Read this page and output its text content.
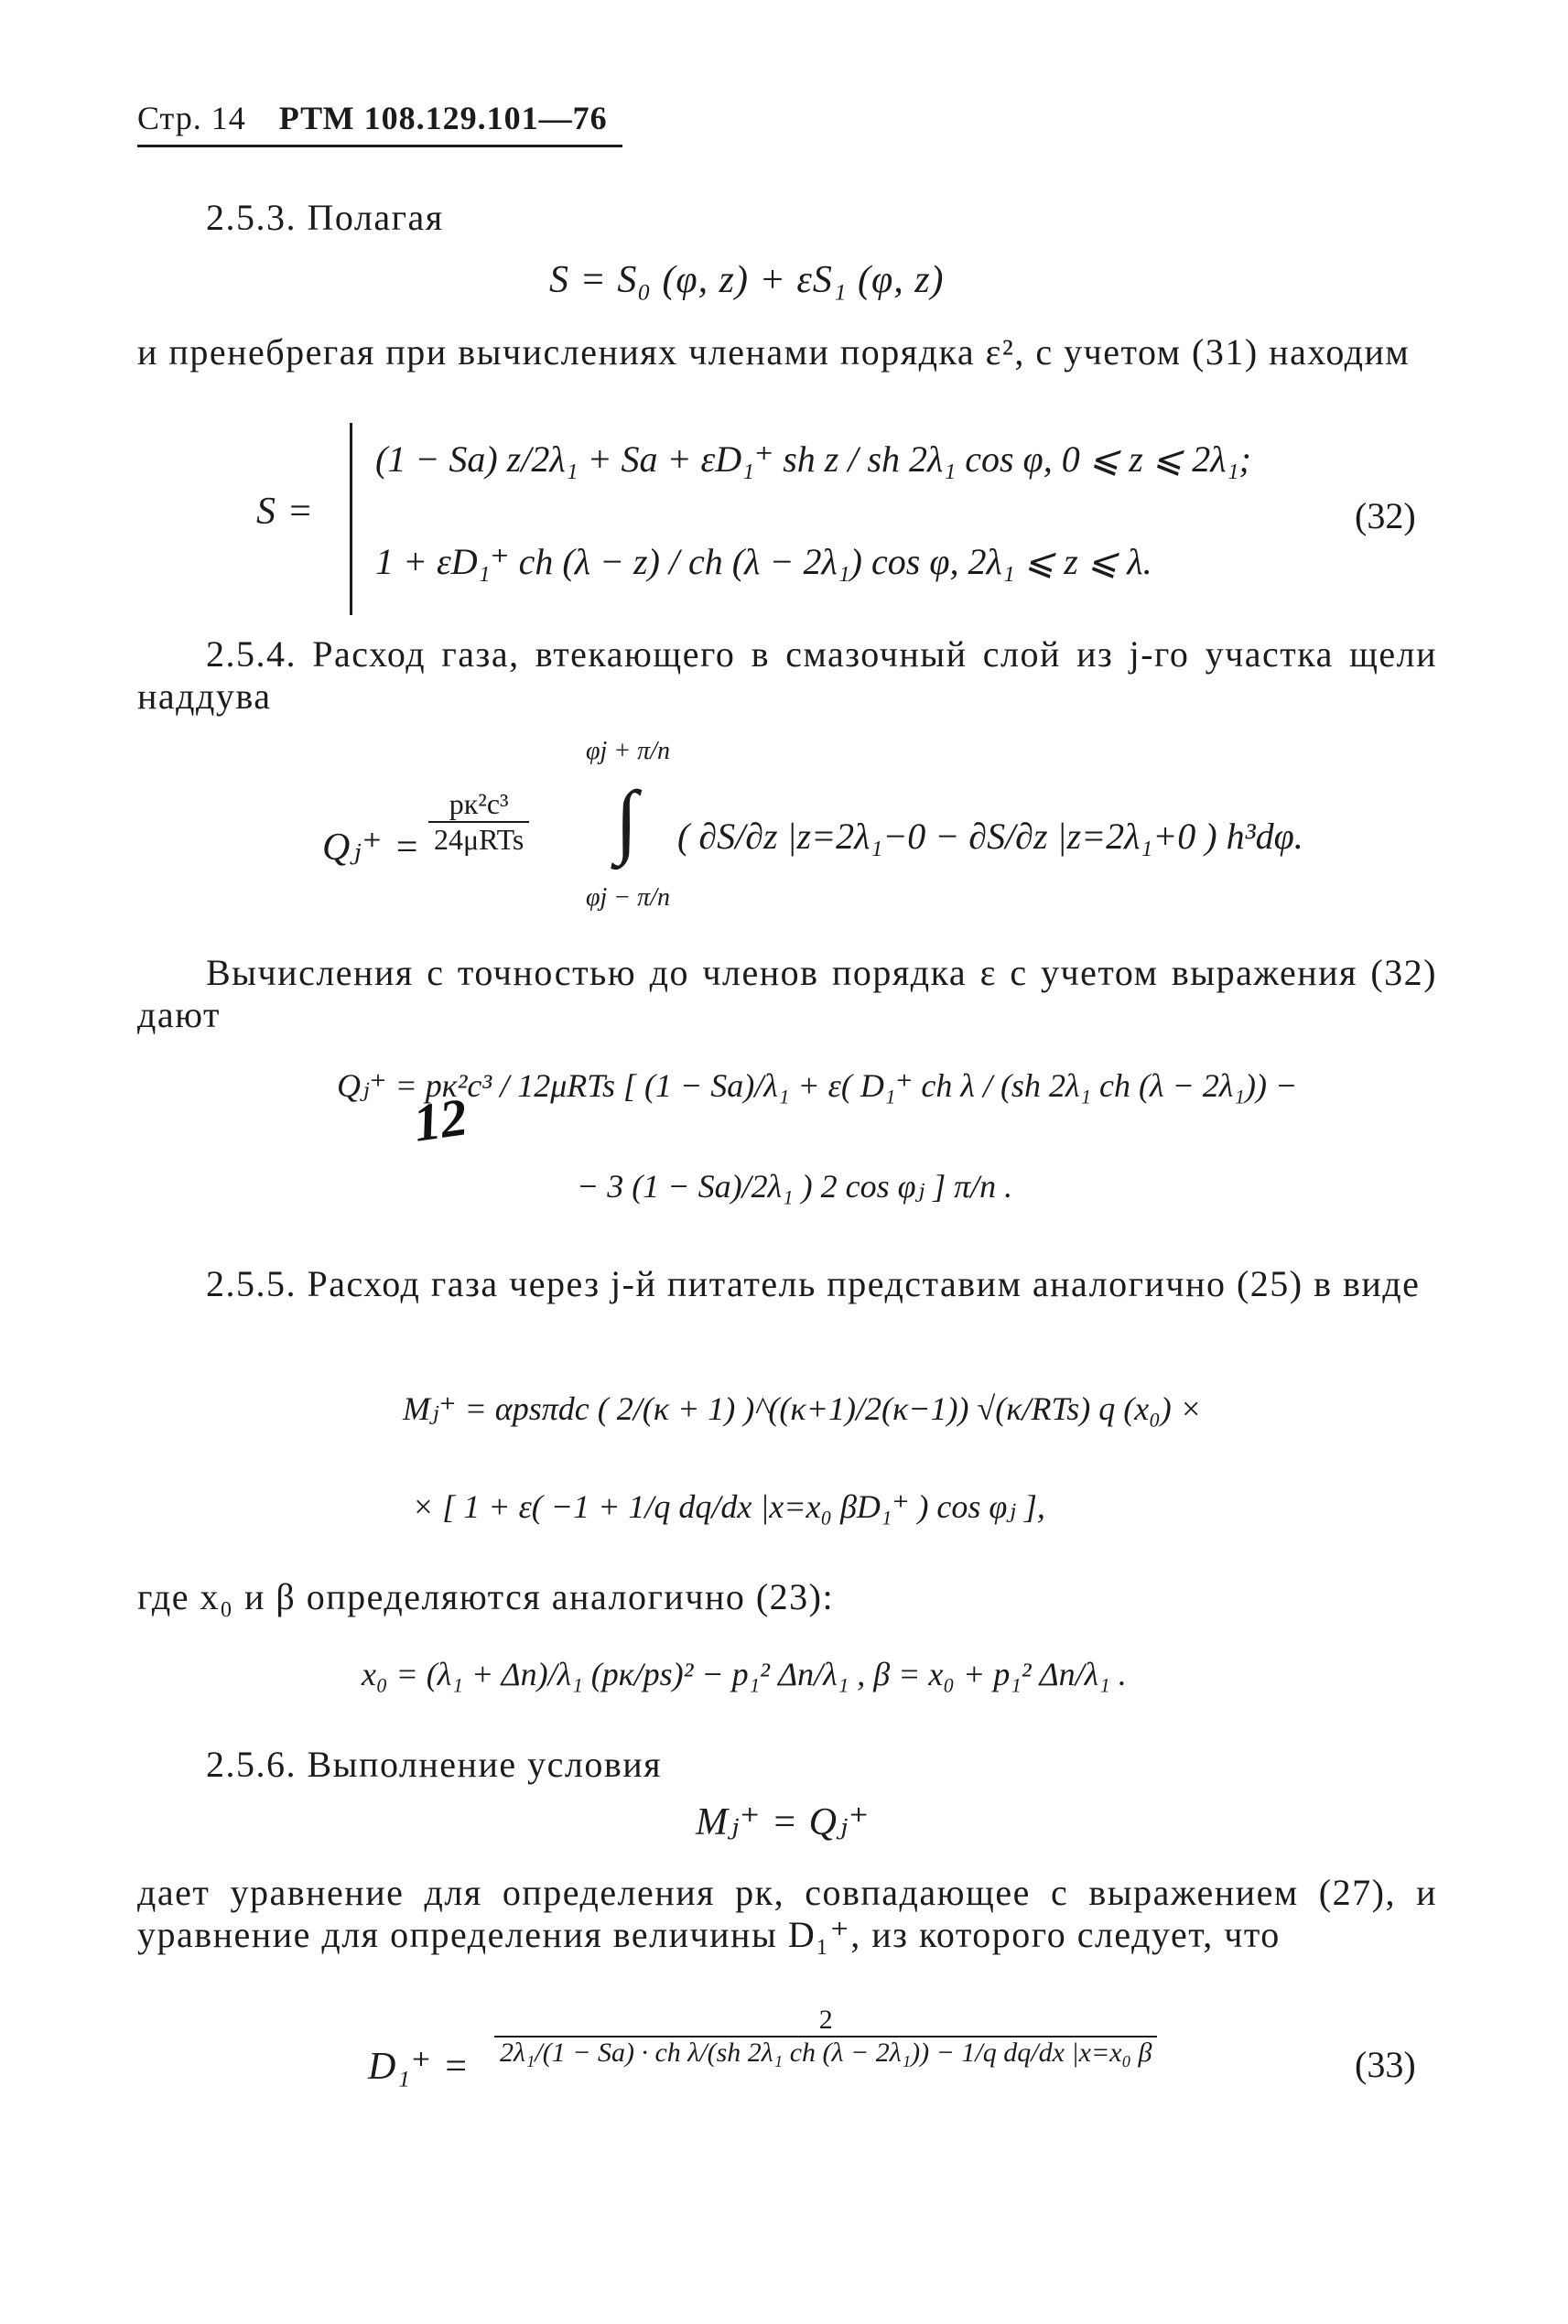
Стр. 14 РТМ 108.129.101—76
2.5.3. Полагая
S = S₀ (φ, z) + εS₁ (φ, z)
и пренебрегая при вычислениях членами порядка ε², с учетом (31) находим
S =
(1 − Sа) z/2λ₁ + Sа + εD₁⁺ sh z / sh 2λ₁ cos φ, 0 ⩽ z ⩽ 2λ₁;
1 + εD₁⁺ ch (λ − z) / ch (λ − 2λ₁) cos φ, 2λ₁ ⩽ z ⩽ λ.
(32)
2.5.4. Расход газа, втекающего в смазочный слой из j-го участка щели наддува
Qⱼ⁺ =
pк²c³
24μRTs
φj + π/n
∫
φj − π/n
( ∂S/∂z |z=2λ₁−0 − ∂S/∂z |z=2λ₁+0 ) h³dφ.
Вычисления с точностью до членов порядка ε с учетом выражения (32) дают
Qⱼ⁺ = pк²c³ / 12μRTs [ (1 − Sа)/λ₁ + ε( D₁⁺ ch λ / (sh 2λ₁ ch (λ − 2λ₁)) −
12
− 3 (1 − Sа)/2λ₁ ) 2 cos φⱼ ] π/n .
2.5.5. Расход газа через j-й питатель представим аналогично (25) в виде
Mⱼ⁺ = αpsπdc ( 2/(κ + 1) )^((κ+1)/2(κ−1)) √(κ/RTs) q (x₀) ×
× [ 1 + ε( −1 + 1/q dq/dx |x=x₀ βD₁⁺ ) cos φⱼ ],
где x₀ и β определяются аналогично (23):
x₀ = (λ₁ + Δn)/λ₁ (pк/ps)² − p₁² Δn/λ₁ , β = x₀ + p₁² Δn/λ₁ .
2.5.6. Выполнение условия
Mⱼ⁺ = Qⱼ⁺
дает уравнение для определения pк, совпадающее с выражением (27), и уравнение для определения величины D₁⁺, из которого следует, что
D₁⁺ =
2
2λ₁/(1 − Sа) · ch λ/(sh 2λ₁ ch (λ − 2λ₁)) − 1/q dq/dx |x=x₀ β	(33)
